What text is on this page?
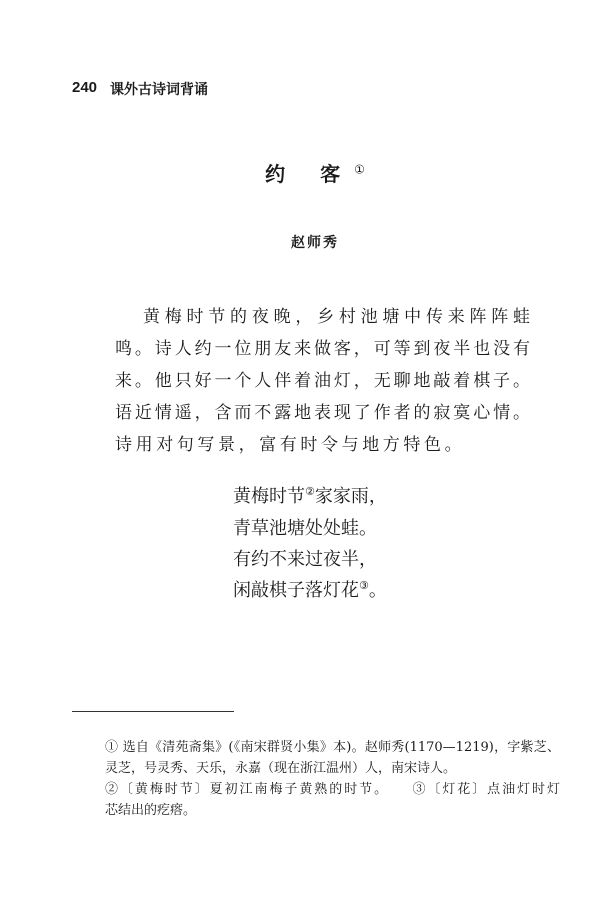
240 课外古诗词背诵
约 客①
赵师秀
黄梅时节的夜晚，乡村池塘中传来阵阵蛙
鸣。诗人约一位朋友来做客，可等到夜半也没有
来。他只好一个人伴着油灯，无聊地敲着棋子。
语近情遥，含而不露地表现了作者的寂寞心情。
诗用对句写景，富有时令与地方特色。
黄梅时节②家家雨，
青草池塘处处蛙。
有约不来过夜半，
闲敲棋子落灯花③。
① 选自《清苑斋集》(《南宋群贤小集》本)。赵师秀(1170—1219)，字紫芝、
灵芝，号灵秀、天乐，永嘉（现在浙江温州）人，南宋诗人。
②〔黄梅时节〕夏初江南梅子黄熟的时节。　　③〔灯花〕点油灯时灯
芯结出的疙瘩。
